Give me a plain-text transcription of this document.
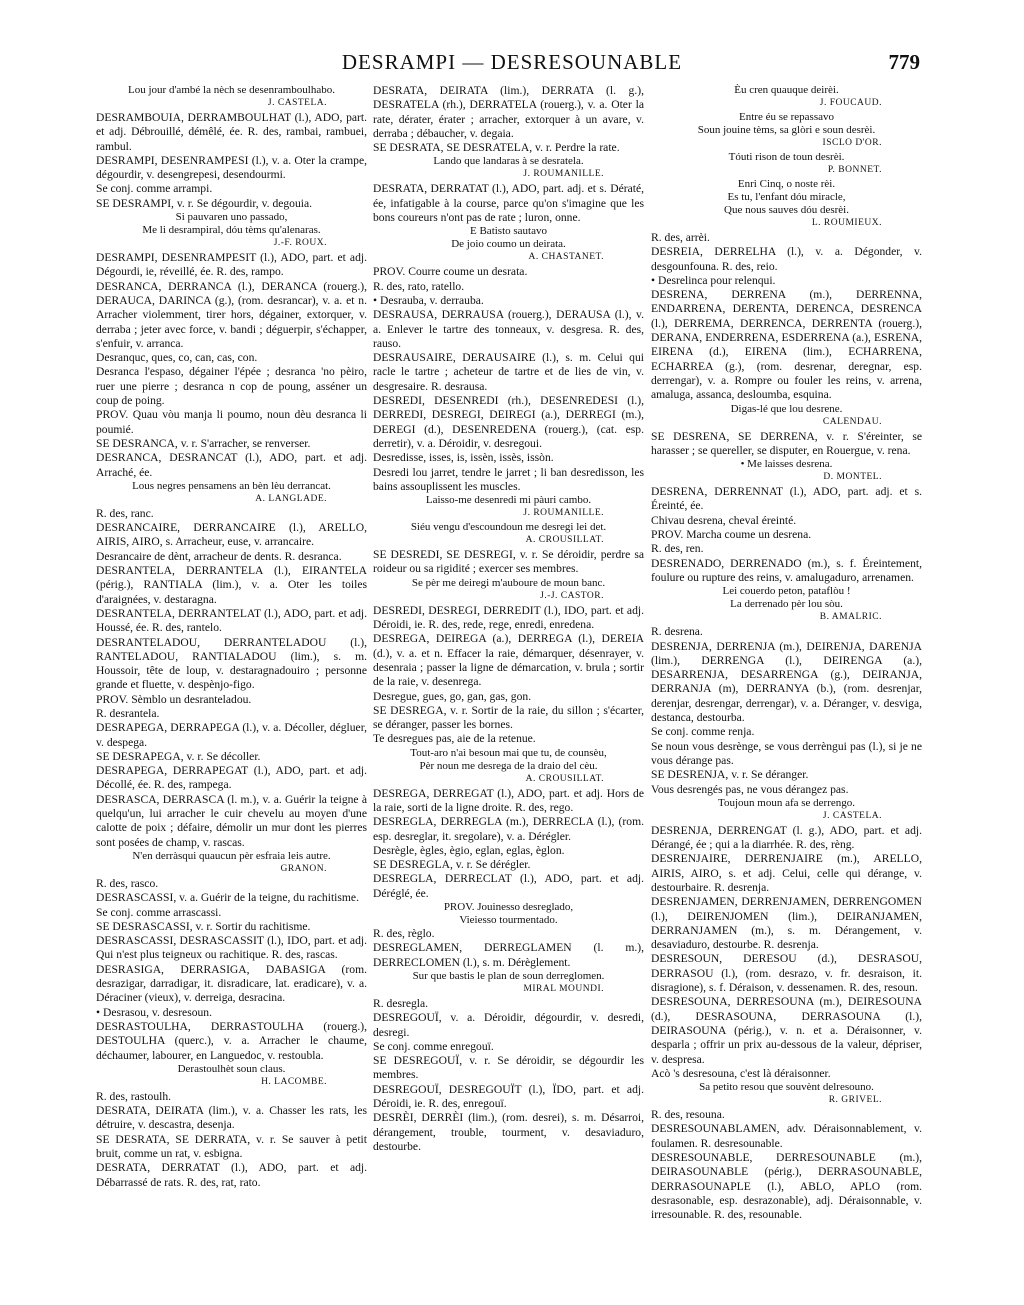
DESRAMPI — DESRESOUNABLE	779
Lou jour d'ambé la nèch se desenramboulhabo.
J. CASTELA.
DESRAMBOUIA, DERRAMBOULHAT (l.), ADO, part. et adj. Débrouillé, démêlé, ée. R. des, rambai, rambuei, rambul.
DESRAMPI, DESENRAMPESI (l.), v. a. Oter la crampe, dégourdir, v. desengrepesi, desendourmi.
Se conj. comme arrampi.
SE DESRAMPI, v. r. Se dégourdir, v. degouia.
Si pauvaren uno passado,
Me li desrampiral, dóu tèms qu'alenaras.
J.-F. ROUX.
DESRAMPI, DESENRAMPESIT (l.), ADO, part. et adj. Dégourdi, ie, réveillé, ée. R. des, rampo.
DESRANCA, DERRANCA (l.), DERANCA (rouerg.), DERAUCA, DARINCA (g.), (rom. desrancar), v. a. et n. Arracher violemment, tirer hors, dégainer, extorquer, v. derraba ; jeter avec force, v. bandi ; déguerpir, s'échapper, s'enfuir, v. arranca.
Desranquc, ques, co, can, cas, con.
Desranca l'espaso, dégainer l'épée ; desranca 'no pèiro, ruer une pierre ; desranca n cop de poung, asséner un coup de poing.
PROV. Quau vòu manja li poumo, noun dèu desranca li poumié.
SE DESRANCA, v. r. S'arracher, se renverser.
DESRANCA, DESRANCAT (l.), ADO, part. et adj. Arraché, ée.
Lous negres pensamens an bèn lèu derrancat.
A. LANGLADE.
R. des, ranc.
DESRANCAIRE, DERRANCAIRE (l.), ARELLO, AIRIS, AIRO, s. Arracheur, euse, v. arrancaire.
Desrancaire de dènt, arracheur de dents. R. desranca.
DESRANTELA, DERRANTELA (l.), EIRANTELA (périg.), RANTIALA (lim.), v. a. Oter les toiles d'araignées, v. destaragna.
DESRANTELA, DERRANTELAT (l.), ADO, part. et adj. Houssé, ée. R. des, rantelo.
DESRANTELADOU, DERRANTELADOU (l.), RANTELADOU, RANTIALADOU (lim.), s. m. Houssoir, tête de loup, v. destaragnadouiro ; personne grande et fluette, v. despènjo-figo.
PROV. Sèmblo un desranteladou.
R. desrantela.
DESRAPEGA, DERRAPEGA (l.), v. a. Décoller, dégluer, v. despega.
SE DESRAPEGA, v. r. Se décoller.
DESRAPEGA, DERRAPEGAT (l.), ADO, part. et adj. Décollé, ée. R. des, rampega.
DESRASCA, DERRASCA (l. m.), v. a. Guérir la teigne à quelqu'un, lui arracher le cuir chevelu au moyen d'une calotte de poix ; défaire, démolir un mur dont les pierres sont posées de champ, v. rascas.
N'en derràsqui quaucun pèr esfraia leis autre.
GRANON.
R. des, rasco.
DESRASCASSI, v. a. Guérir de la teigne, du rachitisme.
Se conj. comme arrascassi.
SE DESRASCASSI, v. r. Sortir du rachitisme.
DESRASCASSI, DESRASCASSIT (l.), IDO, part. et adj. Qui n'est plus teigneux ou rachitique. R. des, rascas.
DESRASIGA, DERRASIGA, DABASIGA (rom. desrazigar, darradigar, it. disradicare, lat. eradicare), v. a. Déraciner (vieux), v. derreiga, desracina.
• Desrasou, v. desresoun.
DESRASTOULHA, DERRASTOULHA (rouerg.), DESTOULHA (querc.), v. a. Arracher le chaume, déchaumer, labourer, en Languedoc, v. restoubla.
Derastoulhèt soun claus.
H. LACOMBE.
R. des, rastoulh.
DESRATA, DEIRATA (lim.), v. a. Chasser les rats, les détruire, v. descastra, desenja.
SE DESRATA, SE DERRATA, v. r. Se sauver à petit bruit, comme un rat, v. esbigna.
DESRATA, DERRATAT (l.), ADO, part. et adj. Débarrassé de rats. R. des, rat, rato.
DESRATA, DEIRATA (lim.), DERRATA (l. g.), DESRATELA (rh.), DERRATELA (rouerg.), v. a. Oter la rate, dérater, érater ; arracher, extorquer à un avare, v. derraba ; débaucher, v. degaia.
SE DESRATA, SE DESRATELA, v. r. Perdre la rate.
Lando que landaras à se desratela.
J. ROUMANILLE.
DESRATA, DERRATAT (l.), ADO, part. adj. et s. Dératé, ée, infatigable à la course, parce qu'on s'imagine que les bons coureurs n'ont pas de rate ; luron, onne.
E Batisto sautavo
De joio coumo un deirata.
A. CHASTANET.
PROV. Courre coume un desrata.
R. des, rato, ratello.
• Desrauba, v. derrauba.
DESRAUSA, DERRAUSA (rouerg.), DERAUSA (l.), v. a. Enlever le tartre des tonneaux, v. desgresa. R. des, rauso.
DESRAUSAIRE, DERAUSAIRE (l.), s. m. Celui qui racle le tartre ; acheteur de tartre et de lies de vin, v. desgresaire. R. desrausa.
DESREDI, DESENREDI (rh.), DESENREDESI (l.), DERREDI, DESREGI, DEIREGI (a.), DERREGI (m.), DEREGI (d.), DESENREDENA (rouerg.), (cat. esp. derretir), v. a. Déroidir, v. desregoui.
Desredisse, isses, is, issèn, issès, issòn.
Desredi lou jarret, tendre le jarret ; li ban desredisson, les bains assouplissent les muscles.
Laisso-me desenredi mi pàuri cambo.
J. ROUMANILLE.
Siéu vengu d'escoundoun me desregi lei det.
A. CROUSILLAT.
SE DESREDI, SE DESREGI, v. r. Se déroidir, perdre sa roideur ou sa rigidité ; exercer ses membres.
Se pèr me deiregi m'auboure de moun banc.
J.-J. CASTOR.
DESREDI, DESREGI, DERREDIT (l.), IDO, part. et adj. Déroidi, ie. R. des, rede, rege, enredi, enredena.
DESREGA, DEIREGA (a.), DERREGA (l.), DEREIA (d.), v. a. et n. Effacer la raie, démarquer, désenrayer, v. desenraia ; passer la ligne de démarcation, v. brula ; sortir de la raie, v. desenrega.
Desregue, gues, go, gan, gas, gon.
SE DESREGA, v. r. Sortir de la raie, du sillon ; s'écarter, se déranger, passer les bornes.
Te desregues pas, aie de la retenue.
Tout-aro n'aì besoun mai que tu, de counsèu,
Pèr noun me desrega de la draio del cèu.
A. CROUSILLAT.
DESREGA, DERREGAT (l.), ADO, part. et adj. Hors de la raie, sorti de la ligne droite. R. des, rego.
DESREGLA, DERREGLA (m.), DERRECLA (l.), (rom. esp. desreglar, it. sregolare), v. a. Dérégler.
Desrègle, ègles, ègio, eglan, eglas, èglon.
SE DESREGLA, v. r. Se dérégler.
DESREGLA, DERRECLAT (l.), ADO, part. et adj. Déréglé, ée.
PROV. Jouinesso desreglado,
Vieiesso tourmentado.
R. des, règlo.
DESREGLAMEN, DERREGLAMEN (l. m.), DERRECLOMEN (l.), s. m. Dérèglement.
Sur que bastis le plan de soun derreglomen.
MIRAL MOUNDI.
R. desregla.
DESREGOUÏ, v. a. Déroidir, dégourdir, v. desredi, desregi.
Se conj. comme enregouï.
SE DESREGOUÏ, v. r. Se déroidir, se dégourdir les membres.
DESREGOUÏ, DESREGOUÏT (l.), ÏDO, part. et adj. Déroidi, ie. R. des, enregouï.
DESRÈI, DERRÈI (lim.), (rom. desrei), s. m. Désarroi, dérangement, trouble, tourment, v. desaviaduro, destourbe.
Èu cren quauque deirèi.
J. FOUCAUD.
Entre éu se repassavo
Soun jouine tèms, sa glòri e soun desrèi.
ISCLO D'OR.
Tóuti rison de toun desrèi.
P. BONNET.
Enri Cinq, o noste rèi.
Es tu, l'enfant dóu miracle,
Que nous sauves dóu desrèi.
L. ROUMIEUX.
R. des, arrèi.
DESREIA, DERRELHA (l.), v. a. Dégonder, v. desgounfouna. R. des, reio.
• Desrelinca pour relenqui.
DESRENA, DERRENA (m.), DERRENNA, ENDARRENA, DERENTA, DERENCA, DESRENCA (l.), DERREMA, DERRENCA, DERRENTA (rouerg.), DERANA, ENDERRENA, ESDERRENA (a.), ESRENA, EIRENA (d.), EIRENA (lim.), ECHARRENA, ECHARREA (g.), (rom. desrenar, deregnar, esp. derrengar), v. a. Rompre ou fouler les reins, v. arrena, amaluga, assanca, desloumba, esquina.
Digas-lé que lou desrene.
CALENDAU.
SE DESRENA, SE DERRENA, v. r. S'éreinter, se harasser ; se quereller, se disputer, en Rouergue, v. rena.
• Me laisses desrena.
D. MONTEL.
DESRENA, DERRENNAT (l.), ADO, part. adj. et s. Éreinté, ée.
Chivau desrena, cheval éreinté.
PROV. Marcha coume un desrena.
R. des, ren.
DESRENADO, DERRENADO (m.), s. f. Éreintement, foulure ou rupture des reins, v. amalugaduro, arrenamen.
Lei couerdo peton, pataflòu !
La derrenado pèr lou sòu.
B. AMALRIC.
R. desrena.
DESRENJA, DERRENJA (m.), DEIRENJA, DARENJA (lim.), DERRENGA (l.), DEIRENGA (a.), DESARRENJA, DESARRENGA (g.), DEIRANJA, DERRANJA (m), DERRANYA (b.), (rom. desrenjar, derenjar, desrengar, derrengar), v. a. Déranger, v. desviga, destanca, destourba.
Se conj. comme renja.
Se noun vous desrènge, se vous derrèngui pas (l.), si je ne vous dérange pas.
SE DESRENJA, v. r. Se déranger.
Vous desrengés pas, ne vous dérangez pas.
Toujoun moun afa se derrengo.
J. CASTELA.
DESRENJA, DERRENGAT (l. g.), ADO, part. et adj. Dérangé, ée ; qui a la diarrhée. R. des, rèng.
DESRENJAIRE, DERRENJAIRE (m.), ARELLO, AIRIS, AIRO, s. et adj. Celui, celle qui dérange, v. destourbaire. R. desrenja.
DESRENJAMEN, DERRENJAMEN, DERRENGOMEN (l.), DEIRENJOMEN (lim.), DEIRANJAMEN, DERRANJAMEN (m.), s. m. Dérangement, v. desaviaduro, destourbe. R. desrenja.
DESRESOUN, DERESOU (d.), DESRASOU, DERRASOU (l.), (rom. desrazo, v. fr. desraison, it. disragione), s. f. Déraison, v. dessenamen. R. des, resoun.
DESRESOUNA, DERRESOUNA (m.), DEIRESOUNA (d.), DESRASOUNA, DERRASOUNA (l.), DEIRASOUNA (périg.), v. n. et a. Déraisonner, v. desparla ; offrir un prix au-dessous de la valeur, dépriser, v. despresa.
Acò 's desresouna, c'est là déraisonner.
Sa petito resou que souvènt delresouno.
R. GRIVEL.
R. des, resouna.
DESRESOUNABLAMEN, adv. Déraisonnablement, v. foulamen. R. desresounable.
DESRESOUNABLE, DERRESOUNABLE (m.), DEIRASOUNABLE (périg.), DERRASOUNABLE, DERRASOUNAPLE (l.), ABLO, APLO (rom. desrasonable, esp. desrazonable), adj. Déraisonnable, v. irresounable. R. des, resounable.
